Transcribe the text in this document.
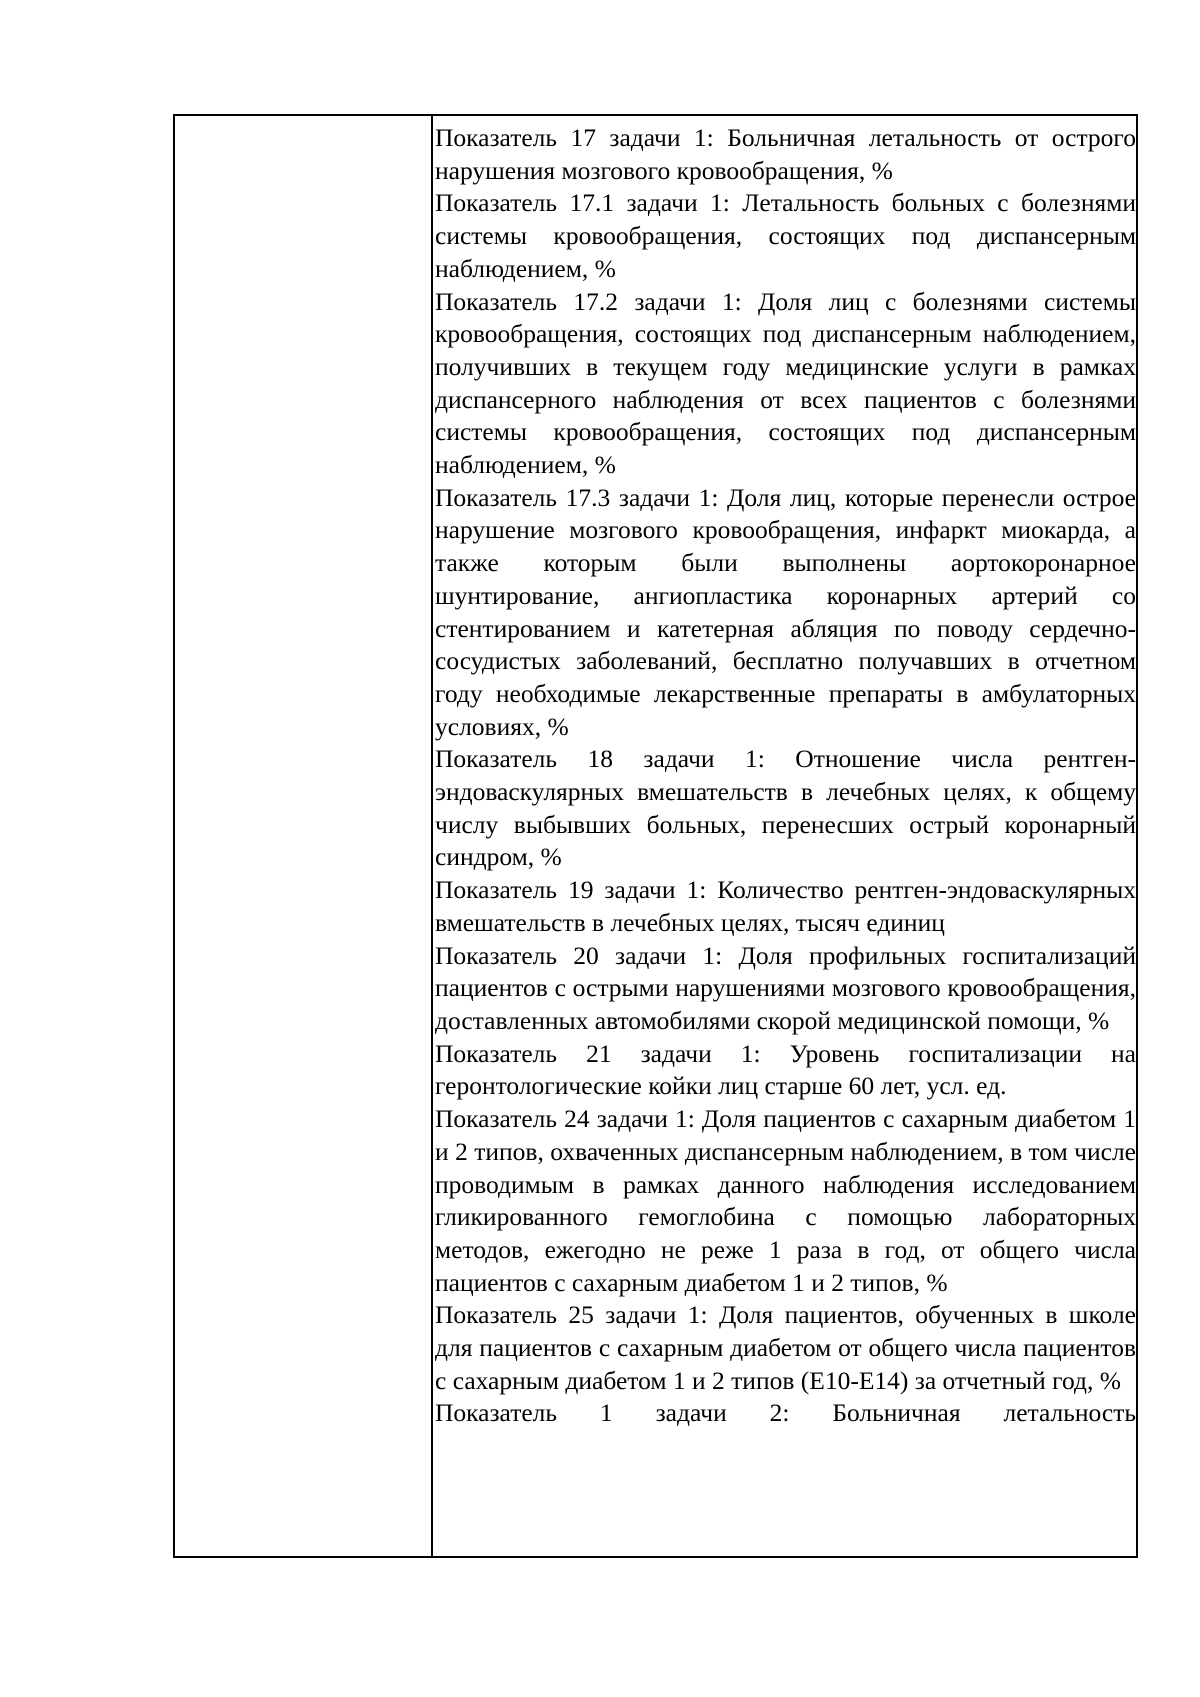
Показатель 17 задачи 1: Больничная летальность от острого нарушения мозгового кровообращения, %

Показатель 17.1 задачи 1: Летальность больных с болезнями системы кровообращения, состоящих под диспансерным наблюдением, %

Показатель 17.2 задачи 1: Доля лиц с болезнями системы кровообращения, состоящих под диспансерным наблюдением, получивших в текущем году медицинские услуги в рамках диспансерного наблюдения от всех пациентов с болезнями системы кровообращения, состоящих под диспансерным наблюдением, %

Показатель 17.3 задачи 1: Доля лиц, которые перенесли острое нарушение мозгового кровообращения, инфаркт миокарда, а также которым были выполнены аортокоронарное шунтирование, ангиопластика коронарных артерий со стентированием и катетерная абляция по поводу сердечно-сосудистых заболеваний, бесплатно получавших в отчетном году необходимые лекарственные препараты в амбулаторных условиях, %

Показатель 18 задачи 1: Отношение числа рентген-эндоваскулярных вмешательств в лечебных целях, к общему числу выбывших больных, перенесших острый коронарный синдром, %

Показатель 19 задачи 1: Количество рентген-эндоваскулярных вмешательств в лечебных целях, тысяч единиц

Показатель 20 задачи 1: Доля профильных госпитализаций пациентов с острыми нарушениями мозгового кровообращения, доставленных автомобилями скорой медицинской помощи, %

Показатель 21 задачи 1: Уровень госпитализации на геронтологические койки лиц старше 60 лет, усл. ед.

Показатель 24 задачи 1: Доля пациентов с сахарным диабетом 1 и 2 типов, охваченных диспансерным наблюдением, в том числе проводимым в рамках данного наблюдения исследованием гликированного гемоглобина с помощью лабораторных методов, ежегодно не реже 1 раза в год, от общего числа пациентов с сахарным диабетом 1 и 2 типов, %

Показатель 25 задачи 1: Доля пациентов, обученных в школе для пациентов с сахарным диабетом от общего числа пациентов с сахарным диабетом 1 и 2 типов (Е10-Е14) за отчетный год, %

Показатель 1 задачи 2: Больничная летальность
